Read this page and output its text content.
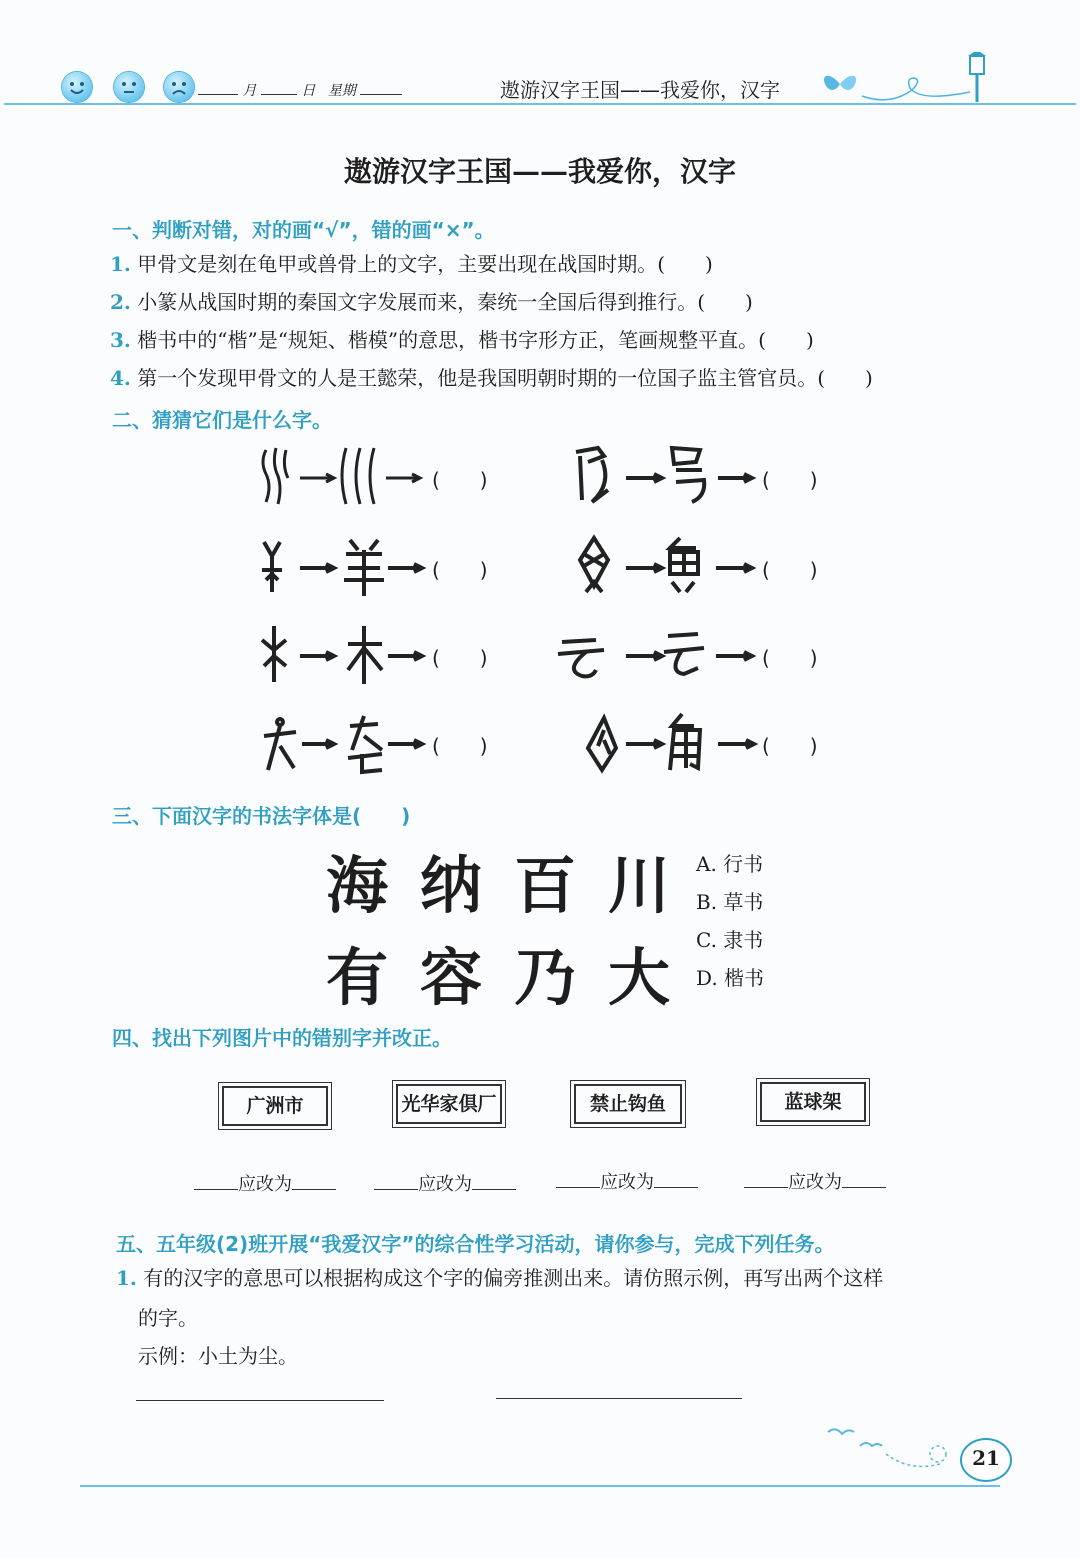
月	日 星期	遨游汉字王国——我爱你，汉字
遨游汉字王国——我爱你，汉字
一、判断对错，对的画“√”，错的画“×”。
1. 甲骨文是刻在龟甲或兽骨上的文字，主要出现在战国时期。(　　)
2. 小篆从战国时期的秦国文字发展而来，秦统一全国后得到推行。(　　)
3. 楷书中的“楷”是“规矩、楷模”的意思，楷书字形方正，笔画规整平直。(　　)
4. 第一个发现甲骨文的人是王懿荣，他是我国明朝时期的一位国子监主管官员。(　　)
二、猜猜它们是什么字。
(　　)	(　　)
(　　)	(　　)
(　　)	(　　)
(　　)	(　　)
三、下面汉字的书法字体是(　　)
海纳百川
有容乃大
A. 行书
B. 草书
C. 隶书
D. 楷书
四、找出下列图片中的错别字并改正。
广洲市	光华家倶厂	禁止钩鱼	蓝球架
应改为	应改为	应改为	应改为
五、五年级(2)班开展“我爱汉字”的综合性学习活动，请你参与，完成下列任务。
1. 有的汉字的意思可以根据构成这个字的偏旁推测出来。请仿照示例，再写出两个这样
的字。
示例：小土为尘。
21
